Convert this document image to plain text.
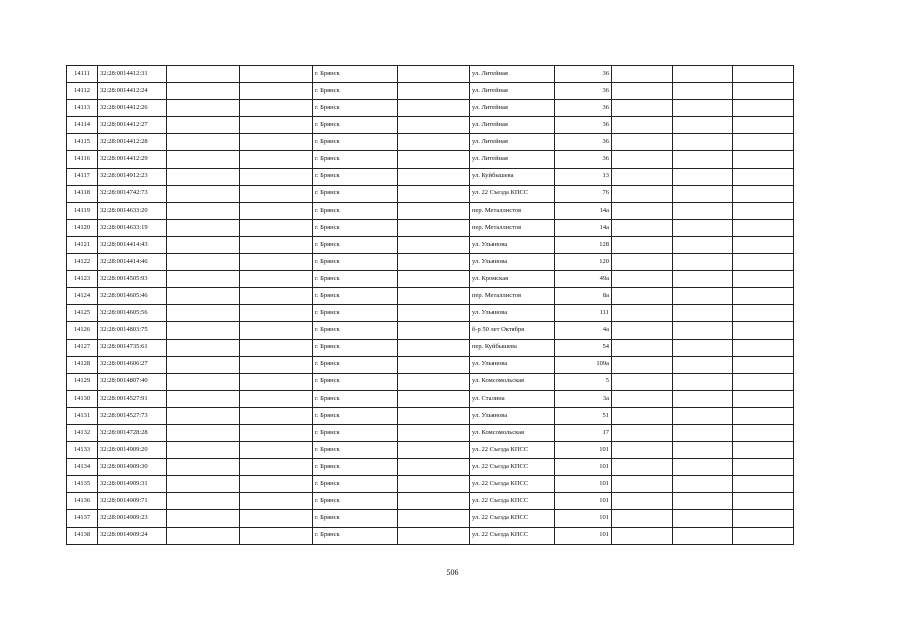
14111	32:28:0014412:31			г. Брянск		ул. Литейная	36			
14112	32:28:0014412:24			г. Брянск		ул. Литейная	36			
14113	32:28:0014412:26			г. Брянск		ул. Литейная	36			
14114	32:28:0014412:27			г. Брянск		ул. Литейная	36			
14115	32:28:0014412:28			г. Брянск		ул. Литейная	36			
14116	32:28:0014412:29			г. Брянск		ул. Литейная	36			
14117	32:28:0014912:23			г. Брянск		ул. Куйбышева	13			
14118	32:28:0014742:73			г. Брянск		ул. 22 Съезда КПСС	76			
14119	32:28:0014633:20			г. Брянск		пер. Металлистов	14а			
14120	32:28:0014633:19			г. Брянск		пер. Металлистов	14а			
14121	32:28:0014414:43			г. Брянск		ул. Ульянова	128			
14122	32:28:0014414:46			г. Брянск		ул. Ульянова	120			
14123	32:28:0014505:93			г. Брянск		ул. Кромская	49а			
14124	32:28:0014605:46			г. Брянск		пер. Металлистов	8а			
14125	32:28:0014605:56			г. Брянск		ул. Ульянова	111			
14126	32:28:0014803:75			г. Брянск		б-р 50 лет Октября	4а			
14127	32:28:0014735:61			г. Брянск		пер. Куйбышева	54			
14128	32:28:0014606:27			г. Брянск		ул. Ульянова	109а			
14129	32:28:0014807:40			г. Брянск		ул. Комсомольская	5			
14130	32:28:0014527:91			г. Брянск		ул. Сталина	3а			
14131	32:28:0014527:73			г. Брянск		ул. Ульянова	51			
14132	32:28:0014728:28			г. Брянск		ул. Комсомольская	17			
14133	32:28:0014909:20			г. Брянск		ул. 22 Съезда КПСС	101			
14134	32:28:0014909:30			г. Брянск		ул. 22 Съезда КПСС	101			
14135	32:28:0014909:31			г. Брянск		ул. 22 Съезда КПСС	101			
14136	32:28:0014909:71			г. Брянск		ул. 22 Съезда КПСС	101			
14137	32:28:0014909:23			г. Брянск		ул. 22 Съезда КПСС	101			
14138	32:28:0014909:24			г. Брянск		ул. 22 Съезда КПСС	101			
506
